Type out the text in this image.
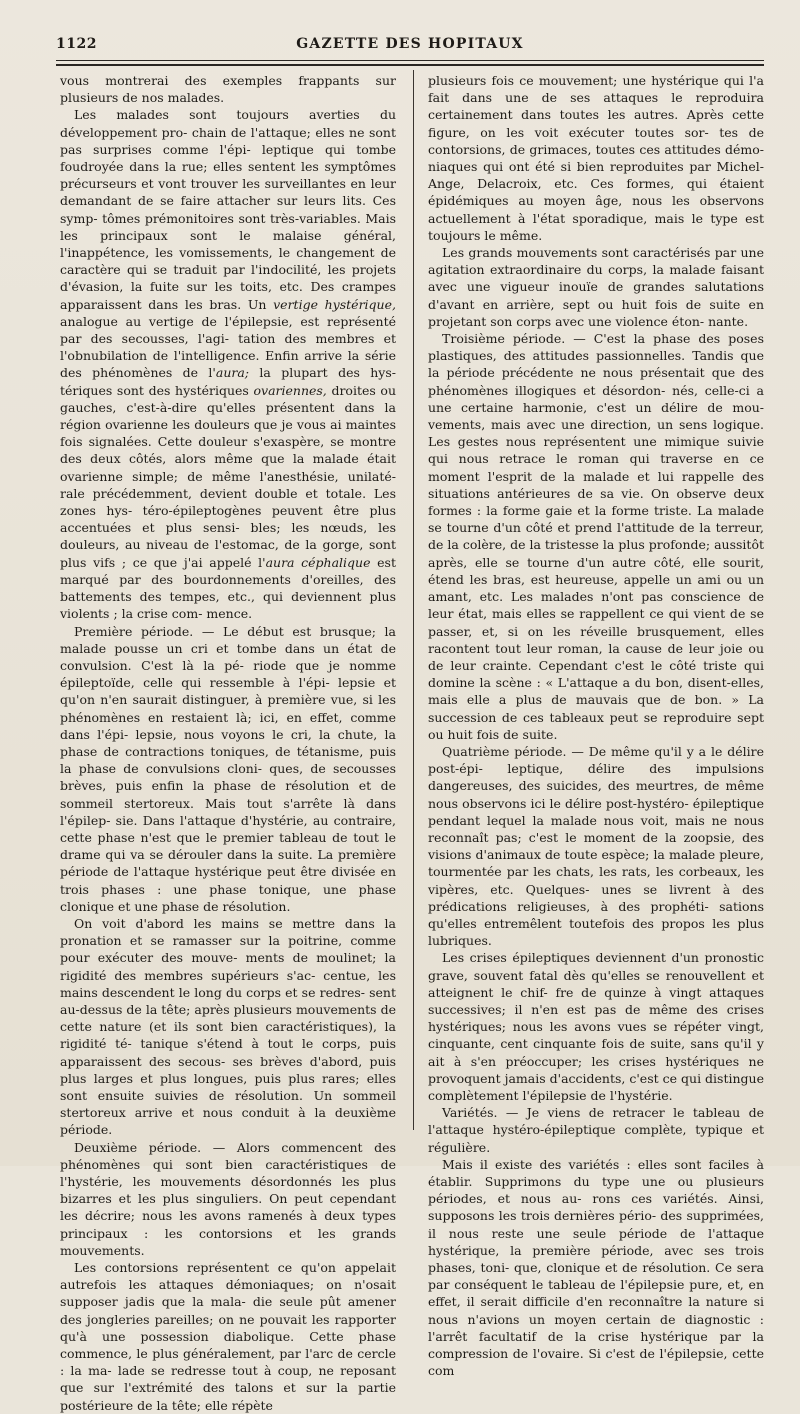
1122	GAZETTE DES HOPITAUX

vous montrerai des exemples frappants sur plusieurs de nos malades.

Les malades sont toujours averties du développement pro- chain de l'attaque; elles ne sont pas surprises comme l'épi- leptique qui tombe foudroyée dans la rue; elles sentent les symptômes précurseurs et vont trouver les surveillantes en leur demandant de se faire attacher sur leurs lits. Ces symp- tômes prémonitoires sont très-variables. Mais les principaux sont le malaise général, l'inappétence, les vomissements, le changement de caractère qui se traduit par l'indocilité, les projets d'évasion, la fuite sur les toits, etc. Des crampes apparaissent dans les bras. Un vertige hystérique, analogue au vertige de l'épilepsie, est représenté par des secousses, l'agi- tation des membres et l'obnubilation de l'intelligence. Enfin arrive la série des phénomènes de l'aura; la plupart des hys- tériques sont des hystériques ovariennes, droites ou gauches, c'est-à-dire qu'elles présentent dans la région ovarienne les douleurs que je vous ai maintes fois signalées. Cette douleur s'exaspère, se montre des deux côtés, alors même que la malade était ovarienne simple; de même l'anesthésie, unilaté- rale précédemment, devient double et totale. Les zones hys- téro-épileptogènes peuvent être plus accentuées et plus sensi- bles; les nœuds, les douleurs, au niveau de l'estomac, de la gorge, sont plus vifs ; ce que j'ai appelé l'aura céphalique est marqué par des bourdonnements d'oreilles, des battements des tempes, etc., qui deviennent plus violents ; la crise com- mence.

Première période. — Le début est brusque; la malade pousse un cri et tombe dans un état de convulsion. C'est là la pé- riode que je nomme épileptoïde, celle qui ressemble à l'épi- lepsie et qu'on n'en saurait distinguer, à première vue, si les phénomènes en restaient là; ici, en effet, comme dans l'épi- lepsie, nous voyons le cri, la chute, la phase de contractions toniques, de tétanisme, puis la phase de convulsions cloni- ques, de secousses brèves, puis enfin la phase de résolution et de sommeil stertoreux. Mais tout s'arrête là dans l'épilep- sie. Dans l'attaque d'hystérie, au contraire, cette phase n'est que le premier tableau de tout le drame qui va se dérouler dans la suite. La première période de l'attaque hystérique peut être divisée en trois phases : une phase tonique, une phase clonique et une phase de résolution.

On voit d'abord les mains se mettre dans la pronation et se ramasser sur la poitrine, comme pour exécuter des mouve- ments de moulinet; la rigidité des membres supérieurs s'ac- centue, les mains descendent le long du corps et se redres- sent au-dessus de la tête; après plusieurs mouvements de cette nature (et ils sont bien caractéristiques), la rigidité té- tanique s'étend à tout le corps, puis apparaissent des secous- ses brèves d'abord, puis plus larges et plus longues, puis plus rares; elles sont ensuite suivies de résolution. Un sommeil stertoreux arrive et nous conduit à la deuxième période.

Deuxième période. — Alors commencent des phénomènes qui sont bien caractéristiques de l'hystérie, les mouvements désordonnés les plus bizarres et les plus singuliers. On peut cependant les décrire; nous les avons ramenés à deux types principaux : les contorsions et les grands mouvements.

Les contorsions représentent ce qu'on appelait autrefois les attaques démoniaques; on n'osait supposer jadis que la mala- die seule pût amener des jongleries pareilles; on ne pouvait les rapporter qu'à une possession diabolique. Cette phase commence, le plus généralement, par l'arc de cercle : la ma- lade se redresse tout à coup, ne reposant que sur l'extrémité des talons et sur la partie postérieure de la tête; elle répète

plusieurs fois ce mouvement; une hystérique qui l'a fait dans une de ses attaques le reproduira certainement dans toutes les autres. Après cette figure, on les voit exécuter toutes sor- tes de contorsions, de grimaces, toutes ces attitudes démo- niaques qui ont été si bien reproduites par Michel-Ange, Delacroix, etc. Ces formes, qui étaient épidémiques au moyen âge, nous les observons actuellement à l'état sporadique, mais le type est toujours le même.

Les grands mouvements sont caractérisés par une agitation extraordinaire du corps, la malade faisant avec une vigueur inouïe de grandes salutations d'avant en arrière, sept ou huit fois de suite en projetant son corps avec une violence éton- nante.

Troisième période. — C'est la phase des poses plastiques, des attitudes passionnelles. Tandis que la période précédente ne nous présentait que des phénomènes illogiques et désordon- nés, celle-ci a une certaine harmonie, c'est un délire de mou- vements, mais avec une direction, un sens logique. Les gestes nous représentent une mimique suivie qui nous retrace le roman qui traverse en ce moment l'esprit de la malade et lui rappelle des situations antérieures de sa vie. On observe deux formes : la forme gaie et la forme triste. La malade se tourne d'un côté et prend l'attitude de la terreur, de la colère, de la tristesse la plus profonde; aussitôt après, elle se tourne d'un autre côté, elle sourit, étend les bras, est heureuse, appelle un ami ou un amant, etc. Les malades n'ont pas conscience de leur état, mais elles se rappellent ce qui vient de se passer, et, si on les réveille brusquement, elles racontent tout leur roman, la cause de leur joie ou de leur crainte. Cependant c'est le côté triste qui domine la scène : « L'attaque a du bon, disent-elles, mais elle a plus de mauvais que de bon. » La succession de ces tableaux peut se reproduire sept ou huit fois de suite.

Quatrième période. — De même qu'il y a le délire post-épi- leptique, délire des impulsions dangereuses, des suicides, des meurtres, de même nous observons ici le délire post-hystéro- épileptique pendant lequel la malade nous voit, mais ne nous reconnaît pas; c'est le moment de la zoopsie, des visions d'animaux de toute espèce; la malade pleure, tourmentée par les chats, les rats, les corbeaux, les vipères, etc. Quelques- unes se livrent à des prédications religieuses, à des prophéti- sations qu'elles entremêlent toutefois des propos les plus lubriques.

Les crises épileptiques deviennent d'un pronostic grave, souvent fatal dès qu'elles se renouvellent et atteignent le chif- fre de quinze à vingt attaques successives; il n'en est pas de même des crises hystériques; nous les avons vues se répéter vingt, cinquante, cent cinquante fois de suite, sans qu'il y ait à s'en préoccuper; les crises hystériques ne provoquent jamais d'accidents, c'est ce qui distingue complètement l'épilepsie de l'hystérie.

Variétés. — Je viens de retracer le tableau de l'attaque hystéro-épileptique complète, typique et régulière.

Mais il existe des variétés : elles sont faciles à établir. Supprimons du type une ou plusieurs périodes, et nous au- rons ces variétés. Ainsi, supposons les trois dernières pério- des supprimées, il nous reste une seule période de l'attaque hystérique, la première période, avec ses trois phases, toni- que, clonique et de résolution. Ce sera par conséquent le tableau de l'épilepsie pure, et, en effet, il serait difficile d'en reconnaître la nature si nous n'avions un moyen certain de diagnostic : l'arrêt facultatif de la crise hystérique par la compression de l'ovaire. Si c'est de l'épilepsie, cette com
